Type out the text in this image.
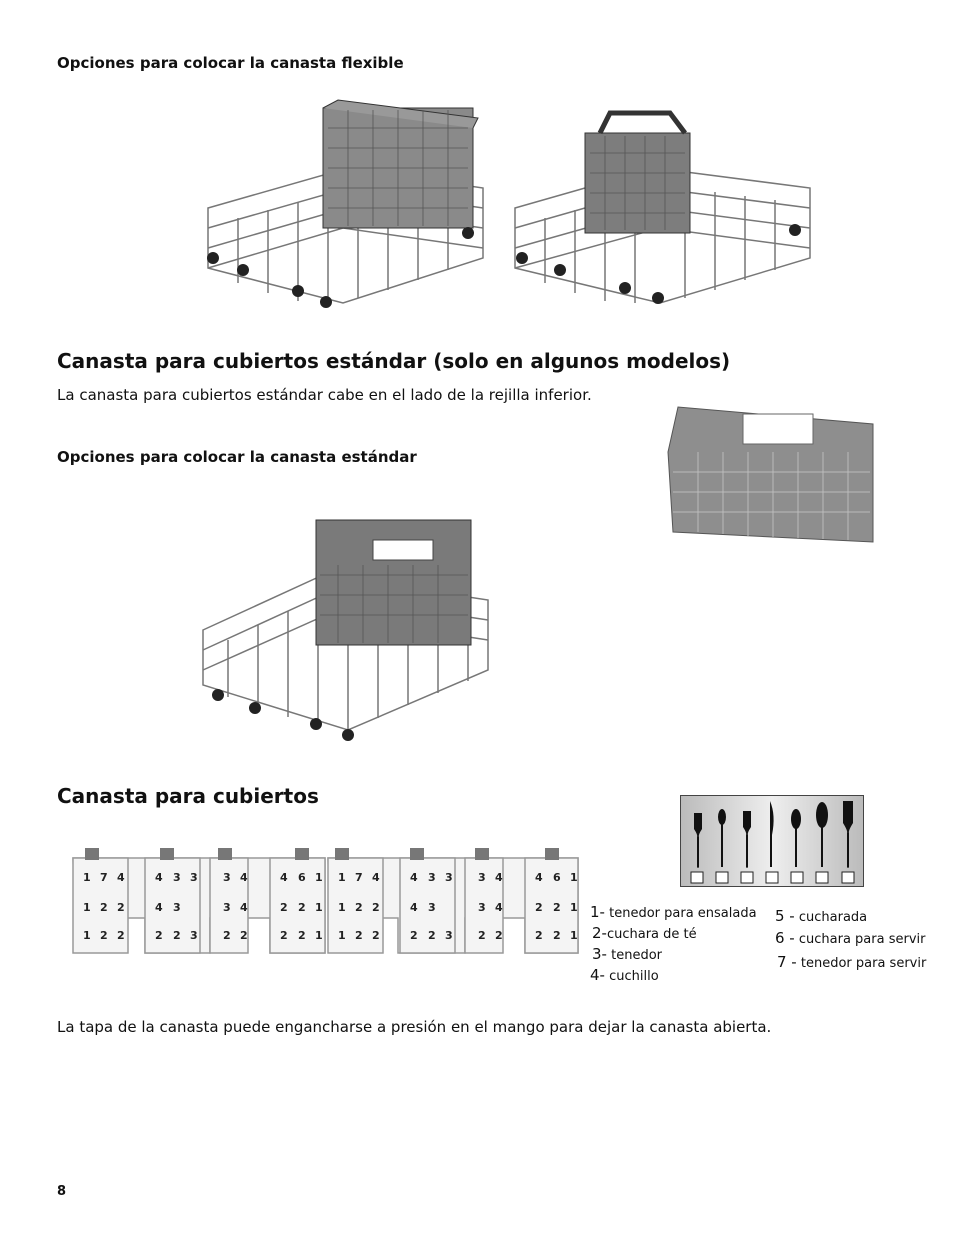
Opciones para colocar la canasta flexible
Canasta para cubiertos estándar (solo en algunos modelos)
La canasta para cubiertos estándar cabe en el lado de la rejilla inferior.
Opciones para colocar la canasta estándar
Canasta para cubiertos
1 7 4	4 3 3 3 4	4 6 1
1 2 2	4 3	3 4	2 2 1
1 2 2	2 2 3 2 2	2 2 1
1 7 4	4 3 3 3 4	4 6 1
1 2 2	4 3	3 4	2 2 1
1 2 2	2 2 3 2 2	2 2 1
1- tenedor para ensalada
2-cuchara de té
3- tenedor
4- cuchillo
5 - cucharada
6 - cuchara para servir
7 - tenedor para servir
La tapa de la canasta puede engancharse a presión en el mango para dejar la canasta abierta.
8
